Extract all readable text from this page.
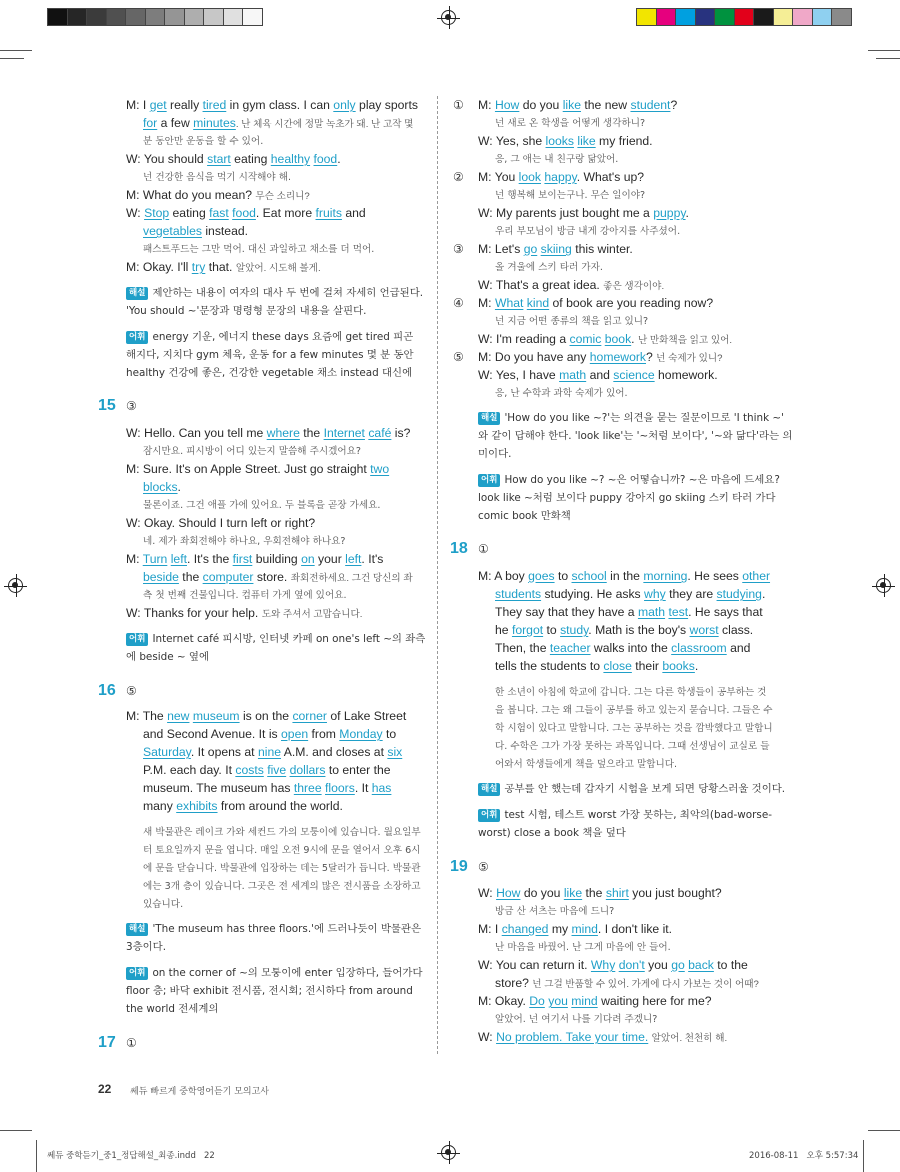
M: I get really tired in gym class. I can only play sports
for a few minutes. 난 체육 시간에 정말 녹초가 돼. 난 고작 몇
분 동안만 운동을 할 수 있어.
W: You should start eating healthy food.
넌 건강한 음식을 먹기 시작해야 해.
M: What do you mean? 무슨 소리니?
W: Stop eating fast food. Eat more fruits and
vegetables instead.
패스트푸드는 그만 먹어. 대신 과일하고 채소를 더 먹어.
M: Okay. I'll try that. 알았어. 시도해 볼게.
해설 제안하는 내용이 여자의 대사 두 번에 걸쳐 자세히 언급된다.
'You should ~'문장과 명령형 문장의 내용을 살핀다.
어휘 energy 기운, 에너지 these days 요즘에 get tired 피곤
해지다, 지치다 gym 체육, 운동 for a few minutes 몇 분 동안
healthy 건강에 좋은, 건강한 vegetable 채소 instead 대신에
15 ③
W: Hello. Can you tell me where the Internet café is?
잠시만요. 피시방이 어디 있는지 말씀해 주시겠어요?
M: Sure. It's on Apple Street. Just go straight two
blocks.
물론이죠. 그건 애플 가에 있어요. 두 블록을 곧장 가세요.
W: Okay. Should I turn left or right?
네. 제가 좌회전해야 하나요, 우회전해야 하나요?
M: Turn left. It's the first building on your left. It's
beside the computer store. 좌회전하세요. 그건 당신의 좌
측 첫 번째 건물입니다. 컴퓨터 가게 옆에 있어요.
W: Thanks for your help. 도와 주셔서 고맙습니다.
어휘 Internet café 피시방, 인터넷 카페 on one's left ~의 좌측
에 beside ~ 옆에
16 ⑤
M: The new museum is on the corner of Lake Street
and Second Avenue. It is open from Monday to
Saturday. It opens at nine A.M. and closes at six
P.M. each day. It costs five dollars to enter the
museum. The museum has three floors. It has
many exhibits from around the world.
새 박물관은 레이크 가와 세컨드 가의 모퉁이에 있습니다. 월요일부
터 토요일까지 문을 엽니다. 매일 오전 9시에 문을 열어서 오후 6시
에 문을 닫습니다. 박물관에 입장하는 데는 5달러가 듭니다. 박물관
에는 3개 층이 있습니다. 그곳은 전 세계의 많은 전시품을 소장하고
있습니다.
해설 'The museum has three floors.'에 드러나듯이 박물관은
3층이다.
어휘 on the corner of ~의 모퉁이에 enter 입장하다, 들어가다
floor 층; 바닥 exhibit 전시품, 전시회; 전시하다 from around
the world 전세계의
17 ①
① M: How do you like the new student?
넌 새로 온 학생을 어떻게 생각하니?
W: Yes, she looks like my friend.
응, 그 애는 내 친구랑 닮았어.
② M: You look happy. What's up?
넌 행복해 보이는구나. 무슨 일이야?
W: My parents just bought me a puppy.
우리 부모님이 방금 내게 강아지를 사주셨어.
③ M: Let's go skiing this winter.
올 겨울에 스키 타러 가자.
W: That's a great idea. 좋은 생각이야.
④ M: What kind of book are you reading now?
넌 지금 어떤 종류의 책을 읽고 있니?
W: I'm reading a comic book. 난 만화책을 읽고 있어.
⑤ M: Do you have any homework? 넌 숙제가 있니?
W: Yes, I have math and science homework.
응, 난 수학과 과학 숙제가 있어.
해설 'How do you like ~?'는 의견을 묻는 질문이므로 'I think ~'
와 같이 답해야 한다. 'look like'는 '~처럼 보이다', '~와 닮다'라는 의
미이다.
어휘 How do you like ~? ~은 어떻습니까? ~은 마음에 드세요?
look like ~처럼 보이다 puppy 강아지 go skiing 스키 타러 가다
comic book 만화책
18 ①
M: A boy goes to school in the morning. He sees other
students studying. He asks why they are studying.
They say that they have a math test. He says that
he forgot to study. Math is the boy's worst class.
Then, the teacher walks into the classroom and
tells the students to close their books.
한 소년이 아침에 학교에 갑니다. 그는 다른 학생들이 공부하는 것
을 봅니다. 그는 왜 그들이 공부를 하고 있는지 묻습니다. 그들은 수
학 시험이 있다고 말합니다. 그는 공부하는 것을 깜박했다고 말합니
다. 수학은 그가 가장 못하는 과목입니다. 그때 선생님이 교실로 들
어와서 학생들에게 책을 덮으라고 말합니다.
해설 공부를 안 했는데 갑자기 시험을 보게 되면 당황스러울 것이다.
어휘 test 시험, 테스트 worst 가장 못하는, 최악의(bad-worse-
worst) close a book 책을 덮다
19 ⑤
W: How do you like the shirt you just bought?
방금 산 셔츠는 마음에 드니?
M: I changed my mind. I don't like it.
난 마음을 바꿨어. 난 그게 마음에 안 들어.
W: You can return it. Why don't you go back to the
store? 넌 그걸 반품할 수 있어. 가게에 다시 가보는 것이 어때?
M: Okay. Do you mind waiting here for me?
알았어. 넌 여기서 나를 기다려 주겠니?
W: No problem. Take your time. 알았어. 천천히 해.
22 쎄듀 빠르게 중학영어듣기 모의고사
쎄듀 중학듣기_중1_정답해설_최종.indd   22	2016-08-11   오후 5:57:34
